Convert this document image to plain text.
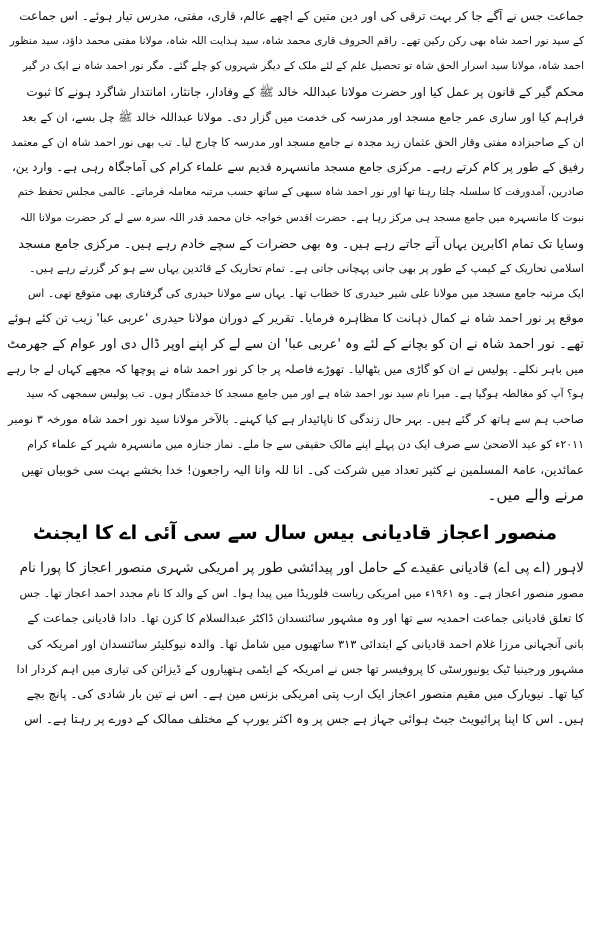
جماعت جس نے آگے جا کر بہت ترقی کی اور دین متین کے اچھے عالم، قاری، مفتی، مدرس تیار ہوئے۔ اس جماعت
کے سید نور احمد شاہ بھی رکن رکین تھے۔ راقم الحروف قاری محمد شاہ، سید ہدایت اللہ شاہ، مولانا مفتی محمد داؤد، سید منظور
احمد شاہ، مولانا سید اسرار الحق شاہ تو تحصیل علم کے لئے ملک کے دیگر شہروں کو چلے گئے۔ مگر نور احمد شاہ نے ایک در گیر
محکم گیر کے قانون پر عمل کیا اور حضرت مولانا عبداللہ خالد ﷺ کے وفادار، جانثار، امانتدار شاگرد ہونے کا ثبوت
فراہم کیا اور ساری عمر جامع مسجد اور مدرسہ کی خدمت میں گزار دی۔ مولانا عبداللہ خالد ﷺ چل بسے، ان کے بعد
ان کے صاحبزادہ مفتی وقار الحق عثمان زید مجدہ نے جامع مسجد اور مدرسہ کا چارج لیا۔ تب بھی نور احمد شاہ ان کے معتمد
رفیق کے طور پر کام کرتے رہے۔ مرکزی جامع مسجد مانسہرہ قدیم سے علماء کرام کی آماجگاہ رہی ہے۔ وارد ین،
صادرین، آمدورفت کا سلسلہ چلتا رہتا تھا اور نور احمد شاہ سبھی کے ساتھ حسب مرتبہ معاملہ فرماتے۔ عالمی مجلس تحفظ ختم
نبوت کا مانسہرہ میں جامع مسجد ہی مرکز رہا ہے۔ حضرت اقدس خواجہ خان محمد قدر اللہ سرہ سے لے کر حضرت مولانا اللہ
وسایا تک تمام اکابرین یہاں آتے جاتے رہے ہیں۔ وہ بھی حضرات کے سچے خادم رہے ہیں۔ مرکزی جامع مسجد
اسلامی تحاریک کے کیمپ کے طور پر بھی جانی پہچانی جاتی ہے۔ تمام تحاریک کے قائدین یہاں سے ہو کر گزرتے رہے ہیں۔
ایک مرتبہ جامع مسجد میں مولانا علی شیر حیدری کا خطاب تھا۔ یہاں سے مولانا حیدری کی گرفتاری بھی متوقع تھی۔ اس
موقع پر نور احمد شاہ نے کمال ذہانت کا مظاہرہ فرمایا۔ تقریر کے دوران مولانا حیدری 'عربی عبا' زیب تن کئے ہوئے
تھے۔ نور احمد شاہ نے ان کو بچانے کے لئے وہ 'عربی عبا' ان سے لے کر اپنے اوپر ڈال دی اور عوام کے جھرمٹ
میں باہر نکلے۔ پولیس نے ان کو گاڑی میں بٹھالیا۔ تھوڑے فاصلہ پر جا کر نور احمد شاہ نے پوچھا کہ مجھے کہاں لے جا رہے
ہو؟ آپ کو مغالطہ ہوگیا ہے۔ میرا نام سید نور احمد شاہ ہے اور میں جامع مسجد کا خدمتگار ہوں۔ تب پولیس سمجھی کہ سید
صاحب ہم سے ہاتھ کر گئے ہیں۔ بہر حال زندگی کا ناپائیدار ہے کیا کہنے۔ بالآخر مولانا سید نور احمد شاہ مورخہ ۳ نومبر
۲۰۱۱ء کو عید الاضحیٰ سے صرف ایک دن پہلے اپنے مالک حقیقی سے جا ملے۔ نماز جنازہ میں مانسہرہ شہر کے علماء کرام
عمائدین، عامۃ المسلمین نے کثیر تعداد میں شرکت کی۔ انا للہ وانا الیہ راجعون! خدا بخشے بہت سی خوبیاں تھیں
مرنے والے میں۔
منصور اعجاز قادیانی بیس سال سے سی آئی اے کا ایجنٹ
لاہور (اے پی اے) قادیانی عقیدے کے حامل اور پیدائشی طور پر امریکی شہری منصور اعجاز کا پورا نام
مصور منصور اعجاز ہے۔ وہ ۱۹۶۱ء میں امریکی ریاست فلوریڈا میں پیدا ہوا۔ اس کے والد کا نام مجدد احمد اعجاز تھا۔ جس
کا تعلق قادیانی جماعت احمدیہ سے تھا اور وہ مشہور سائنسدان ڈاکٹر عبدالسلام کا کزن تھا۔ دادا قادیانی جماعت کے
بانی آنجہانی مرزا غلام احمد قادیانی کے ابتدائی ۳۱۳ ساتھیوں میں شامل تھا۔ والدہ نیوکلیئر سائنسدان اور امریکہ کی
مشہور ورجینیا ٹیک یونیورسٹی کا پروفیسر تھا جس نے امریکہ کے ایٹمی ہتھیاروں کے ڈیزائن کی تیاری میں اہم کردار ادا
کیا تھا۔ نیویارک میں مقیم منصور اعجاز ایک ارب پتی امریکی بزنس مین ہے۔ اس نے تین بار شادی کی۔ پانچ بچے
ہیں۔ اس کا اپنا پرائیویٹ جیٹ ہوائی جہاز ہے جس پر وہ اکثر یورپ کے مختلف ممالک کے دورے پر رہتا ہے۔ اس
